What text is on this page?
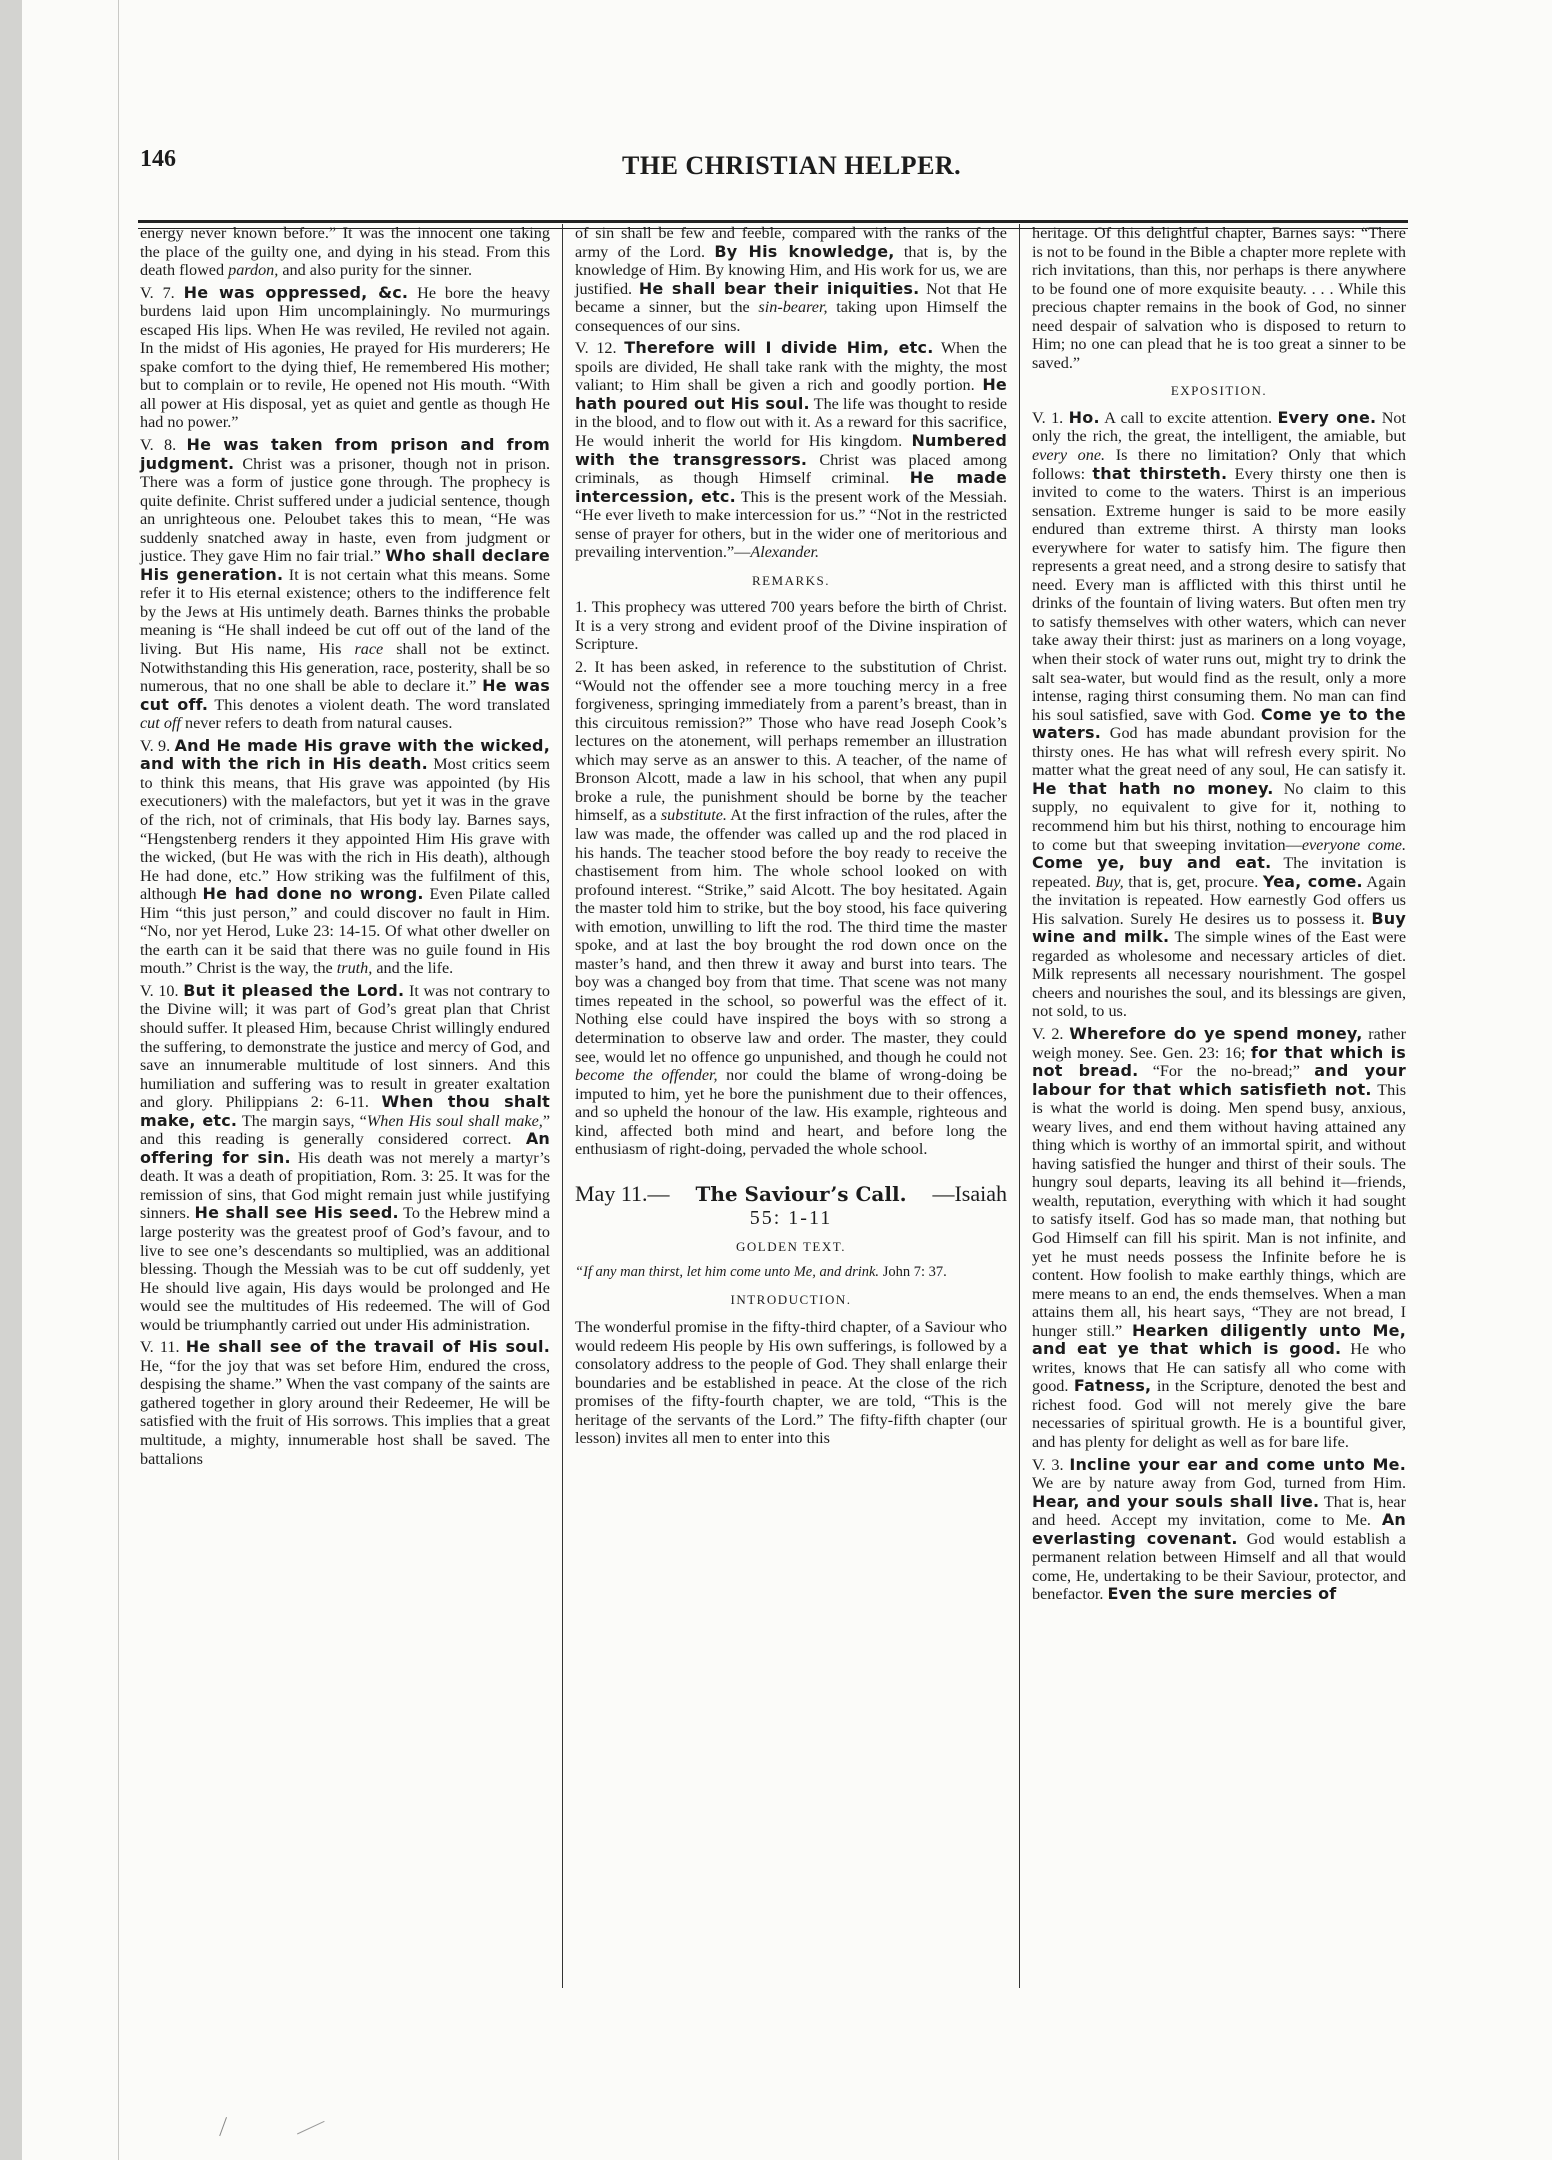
146	THE CHRISTIAN HELPER.

energy never known before.” It was the innocent one taking the place of the guilty one, and dying in his stead. From this death flowed pardon, and also purity for the sinner.

V. 7. He was oppressed, &c. He bore the heavy burdens laid upon Him uncomplainingly. No murmurings escaped His lips. When He was reviled, He reviled not again. In the midst of His agonies, He prayed for His murderers; He spake comfort to the dying thief, He remembered His mother; but to complain or to revile, He opened not His mouth. “With all power at His disposal, yet as quiet and gentle as though He had no power.”

V. 8. He was taken from prison and from judgment. Christ was a prisoner, though not in prison. There was a form of justice gone through. The prophecy is quite definite. Christ suffered under a judicial sentence, though an unrighteous one. Peloubet takes this to mean, “He was suddenly snatched away in haste, even from judgment or justice. They gave Him no fair trial.” Who shall declare His generation. It is not certain what this means. Some refer it to His eternal existence; others to the indifference felt by the Jews at His untimely death. Barnes thinks the probable meaning is “He shall indeed be cut off out of the land of the living. But His name, His race shall not be extinct. Notwithstanding this His generation, race, posterity, shall be so numerous, that no one shall be able to declare it.” He was cut off. This denotes a violent death. The word translated cut off never refers to death from natural causes.

V. 9. And He made His grave with the wicked, and with the rich in His death. Most critics seem to think this means, that His grave was appointed (by His executioners) with the malefactors, but yet it was in the grave of the rich, not of criminals, that His body lay. Barnes says, “Hengstenberg renders it they appointed Him His grave with the wicked, (but He was with the rich in His death), although He had done, etc.” How striking was the fulfilment of this, although He had done no wrong. Even Pilate called Him “this just person,” and could discover no fault in Him. “No, nor yet Herod, Luke 23: 14-15. Of what other dweller on the earth can it be said that there was no guile found in His mouth.” Christ is the way, the truth, and the life.

V. 10. But it pleased the Lord. It was not contrary to the Divine will; it was part of God’s great plan that Christ should suffer. It pleased Him, because Christ willingly endured the suffering, to demonstrate the justice and mercy of God, and save an innumerable multitude of lost sinners. And this humiliation and suffering was to result in greater exaltation and glory. Philippians 2: 6-11. When thou shalt make, etc. The margin says, “When His soul shall make,” and this reading is generally considered correct. An offering for sin. His death was not merely a martyr’s death. It was a death of propitiation, Rom. 3: 25. It was for the remission of sins, that God might remain just while justifying sinners. He shall see His seed. To the Hebrew mind a large posterity was the greatest proof of God’s favour, and to live to see one’s descendants so multiplied, was an additional blessing. Though the Messiah was to be cut off suddenly, yet He should live again, His days would be prolonged and He would see the multitudes of His redeemed. The will of God would be triumphantly carried out under His administration.

V. 11. He shall see of the travail of His soul. He, “for the joy that was set before Him, endured the cross, despising the shame.” When the vast company of the saints are gathered together in glory around their Redeemer, He will be satisfied with the fruit of His sorrows. This implies that a great multitude, a mighty, innumerable host shall be saved. The battalions

of sin shall be few and feeble, compared with the ranks of the army of the Lord. By His knowledge, that is, by the knowledge of Him. By knowing Him, and His work for us, we are justified. He shall bear their iniquities. Not that He became a sinner, but the sin-bearer, taking upon Himself the consequences of our sins.

V. 12. Therefore will I divide Him, etc. When the spoils are divided, He shall take rank with the mighty, the most valiant; to Him shall be given a rich and goodly portion. He hath poured out His soul. The life was thought to reside in the blood, and to flow out with it. As a reward for this sacrifice, He would inherit the world for His kingdom. Numbered with the transgressors. Christ was placed among criminals, as though Himself criminal. He made intercession, etc. This is the present work of the Messiah. “He ever liveth to make intercession for us.” “Not in the restricted sense of prayer for others, but in the wider one of meritorious and prevailing intervention.”—Alexander.

REMARKS.

1. This prophecy was uttered 700 years before the birth of Christ. It is a very strong and evident proof of the Divine inspiration of Scripture.

2. It has been asked, in reference to the substitution of Christ. “Would not the offender see a more touching mercy in a free forgiveness, springing immediately from a parent’s breast, than in this circuitous remission?” Those who have read Joseph Cook’s lectures on the atonement, will perhaps remember an illustration which may serve as an answer to this. A teacher, of the name of Bronson Alcott, made a law in his school, that when any pupil broke a rule, the punishment should be borne by the teacher himself, as a substitute. At the first infraction of the rules, after the law was made, the offender was called up and the rod placed in his hands. The teacher stood before the boy ready to receive the chastisement from him. The whole school looked on with profound interest. “Strike,” said Alcott. The boy hesitated. Again the master told him to strike, but the boy stood, his face quivering with emotion, unwilling to lift the rod. The third time the master spoke, and at last the boy brought the rod down once on the master’s hand, and then threw it away and burst into tears. The boy was a changed boy from that time. That scene was not many times repeated in the school, so powerful was the effect of it. Nothing else could have inspired the boys with so strong a determination to observe law and order. The master, they could see, would let no offence go unpunished, and though he could not become the offender, nor could the blame of wrong-doing be imputed to him, yet he bore the punishment due to their offences, and so upheld the honour of the law. His example, righteous and kind, affected both mind and heart, and before long the enthusiasm of right-doing, pervaded the whole school.

May 11.— The Saviour’s Call. —Isaiah
55: 1-11
GOLDEN TEXT.
“If any man thirst, let him come unto Me, and drink. John 7: 37.
INTRODUCTION.

The wonderful promise in the fifty-third chapter, of a Saviour who would redeem His people by His own sufferings, is followed by a consolatory address to the people of God. They shall enlarge their boundaries and be established in peace. At the close of the rich promises of the fifty-fourth chapter, we are told, “This is the heritage of the servants of the Lord.” The fifty-fifth chapter (our lesson) invites all men to enter into this

heritage. Of this delightful chapter, Barnes says: “There is not to be found in the Bible a chapter more replete with rich invitations, than this, nor perhaps is there anywhere to be found one of more exquisite beauty. . . . While this precious chapter remains in the book of God, no sinner need despair of salvation who is disposed to return to Him; no one can plead that he is too great a sinner to be saved.”

EXPOSITION.

V. 1. Ho. A call to excite attention. Every one. Not only the rich, the great, the intelligent, the amiable, but every one. Is there no limitation? Only that which follows: that thirsteth. Every thirsty one then is invited to come to the waters. Thirst is an imperious sensation. Extreme hunger is said to be more easily endured than extreme thirst. A thirsty man looks everywhere for water to satisfy him. The figure then represents a great need, and a strong desire to satisfy that need. Every man is afflicted with this thirst until he drinks of the fountain of living waters. But often men try to satisfy themselves with other waters, which can never take away their thirst: just as mariners on a long voyage, when their stock of water runs out, might try to drink the salt sea-water, but would find as the result, only a more intense, raging thirst consuming them. No man can find his soul satisfied, save with God. Come ye to the waters. God has made abundant provision for the thirsty ones. He has what will refresh every spirit. No matter what the great need of any soul, He can satisfy it. He that hath no money. No claim to this supply, no equivalent to give for it, nothing to recommend him but his thirst, nothing to encourage him to come but that sweeping invitation—everyone come. Come ye, buy and eat. The invitation is repeated. Buy, that is, get, procure. Yea, come. Again the invitation is repeated. How earnestly God offers us His salvation. Surely He desires us to possess it. Buy wine and milk. The simple wines of the East were regarded as wholesome and necessary articles of diet. Milk represents all necessary nourishment. The gospel cheers and nourishes the soul, and its blessings are given, not sold, to us.

V. 2. Wherefore do ye spend money, rather weigh money. See. Gen. 23: 16; for that which is not bread. “For the no-bread;” and your labour for that which satisfieth not. This is what the world is doing. Men spend busy, anxious, weary lives, and end them without having attained any thing which is worthy of an immortal spirit, and without having satisfied the hunger and thirst of their souls. The hungry soul departs, leaving its all behind it—friends, wealth, reputation, everything with which it had sought to satisfy itself. God has so made man, that nothing but God Himself can fill his spirit. Man is not infinite, and yet he must needs possess the Infinite before he is content. How foolish to make earthly things, which are mere means to an end, the ends themselves. When a man attains them all, his heart says, “They are not bread, I hunger still.” Hearken diligently unto Me, and eat ye that which is good. He who writes, knows that He can satisfy all who come with good. Fatness, in the Scripture, denoted the best and richest food. God will not merely give the bare necessaries of spiritual growth. He is a bountiful giver, and has plenty for delight as well as for bare life.

V. 3. Incline your ear and come unto Me. We are by nature away from God, turned from Him. Hear, and your souls shall live. That is, hear and heed. Accept my invitation, come to Me. An everlasting covenant. God would establish a permanent relation between Himself and all that would come, He, undertaking to be their Saviour, protector, and benefactor. Even the sure mercies of
